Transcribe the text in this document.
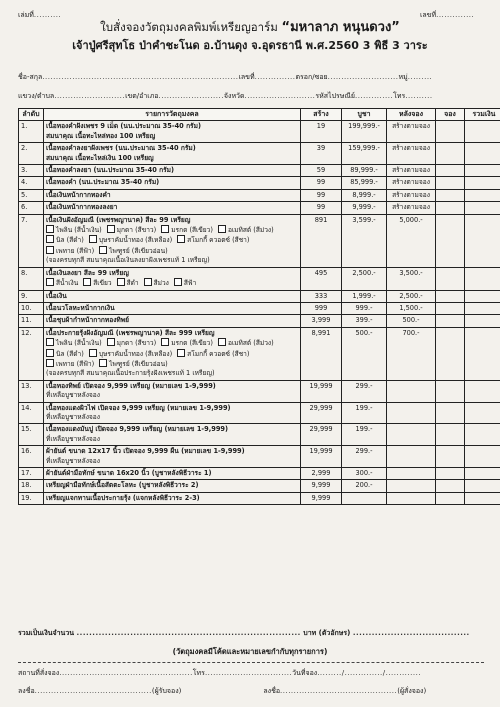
เล่มที่..........	เลขที่..............
ใบสั่งจองวัตถุมงคลพิมพ์เหรียญอาร์ม “มหาลาภ หนุนดวง”
เจ้าปู่ศรีสุทโธ ป่าคำชะโนด อ.บ้านดุง จ.อุดรธานี พ.ศ.2560 3 พิธี 3 วาระ
ชื่อ-สกุล........................................................................เลขที่...............ตรอก/ซอย..........................หมู่.........
แขวง/ตำบล..........................เขต/อำเภอ........................จังหวัด..........................รหัสไปรษณีย์..............โทร..........
ลำดับ	รายการวัตถุมงคล	สร้าง	บูชา	หลังจอง	จอง	รวมเงิน
1.	เนื้อทองคำฝังเพชร 9 เม็ด (นน.ประมาณ 35-40 กรัม)
สมนาคุณ เนื้อทะไหล่ทอง 100 เหรียญ	19	199,999.-	สร้างตามจอง		
2.	เนื้อทองคำลงยาฝังเพชร (นน.ประมาณ 35-40 กรัม)
สมนาคุณ เนื้อทะไหล่เงิน 100 เหรียญ	39	159,999.-	สร้างตามจอง		
3.	เนื้อทองคำลงยา (นน.ประมาณ 35-40 กรัม)	59	89,999.-	สร้างตามจอง		
4.	เนื้อทองคำ (นน.ประมาณ 35-40 กรัม)	99	85,999.-	สร้างตามจอง		
5.	เนื้อเงินหน้ากากทองคำ	99	8,999.-	สร้างตามจอง		
6.	เนื้อเงินหน้ากากทองลงยา	99	9,999.-	สร้างตามจอง		
7.	เนื้อเงินฝังอัญมณี (เพชรพญานาค) สีละ 99 เหรียญ
ไพลิน (สีน้ำเงิน) มุกดา (สีขาว) มรกต (สีเขียว) อเมทิสต์ (สีม่วง)นิล (สีดำ) บุษราคัมน้ำทอง (สีเหลือง) สโมกกี้ ควอตซ์ (สีชา)เพทาย (สีฟ้า) ไพฑูรย์ (สีเขียวอ่อน)
(จองครบทุกสี สมนาคุณเนื้อเงินลงยาฝังเพชรแท้ 1 เหรียญ)	891	3,599.-	5,000.-		
8.	เนื้อเงินลงยา สีละ 99 เหรียญ
สีน้ำเงิน สีเขียว สีดำ สีม่วง สีฟ้า	495	2,500.-	3,500.-		
9.	เนื้อเงิน	333	1,999.-	2,500.-		
10.	เนื้อนวโลหะหน้ากากเงิน	999	999.-	1,500.-		
11.	เนื้อชุบผ้ากำหน้ากากทองทิพย์	3,999	399.-	500.-		
12.	เนื้อประกายรุ้งฝังอัญมณี (เพชรพญานาค) สีละ 999 เหรียญ
ไพลิน (สีน้ำเงิน) มุกดา (สีขาว) มรกต (สีเขียว) อเมทิสต์ (สีม่วง)นิล (สีดำ) บุษราคัมน้ำทอง (สีเหลือง) สโมกกี้ ควอตซ์ (สีชา)เพทาย (สีฟ้า) ไพฑูรย์ (สีเขียวอ่อน)
(จองครบทุกสี สมนาคุณเนื้อประกายรุ้งฝังเพชรแท้ 1 เหรียญ)	8,991	500.-	700.-		
13.	เนื้อทองทิพย์ เปิดจอง 9,999 เหรียญ (หมายเลข 1-9,999)
ที่เหลือบูชาหลังจอง	19,999	299.-			
14.	เนื้อทองแดงผิวไฟ เปิดจอง 9,999 เหรียญ (หมายเลข 1-9,999)
ที่เหลือบูชาหลังจอง	29,999	199.-			
15.	เนื้อทองแดงมันปู เปิดจอง 9,999 เหรียญ (หมายเลข 1-9,999)
ที่เหลือบูชาหลังจอง	29,999	199.-			
16.	ผ้ายันต์ ขนาด 12x17 นิ้ว เปิดจอง 9,999 ผืน (หมายเลข 1-9,999)
ที่เหลือบูชาหลังจอง	19,999	299.-			
17.	ผ้ายันต์ฝ่ามือทักษ์ ขนาด 16x20 นิ้ว (บูชาหลังพิธีวาระ 1)	2,999	300.-			
18.	เหรียญฝ่ามือทักษ์เนื้อสัตตะโลหะ (บูชาหลังพิธีวาระ 2)	9,999	200.-			
19.	เหรียญแจกทานเนื้อประกายรุ้ง (แจกหลังพิธีวาระ 2-3)	9,999				
รวมเป็นเงินจำนวน ....................................................................... บาท (ตัวอักษร) .....................................
(วัตถุมงคลมีโค้ดและหมายเลขกำกับทุกรายการ)
สถานที่สั่งจอง.................................................โทร................................วันที่จอง........./............../.............
ลงชื่อ...........................................(ผู้รับจอง)	ลงชื่อ...........................................(ผู้สั่งจอง)
